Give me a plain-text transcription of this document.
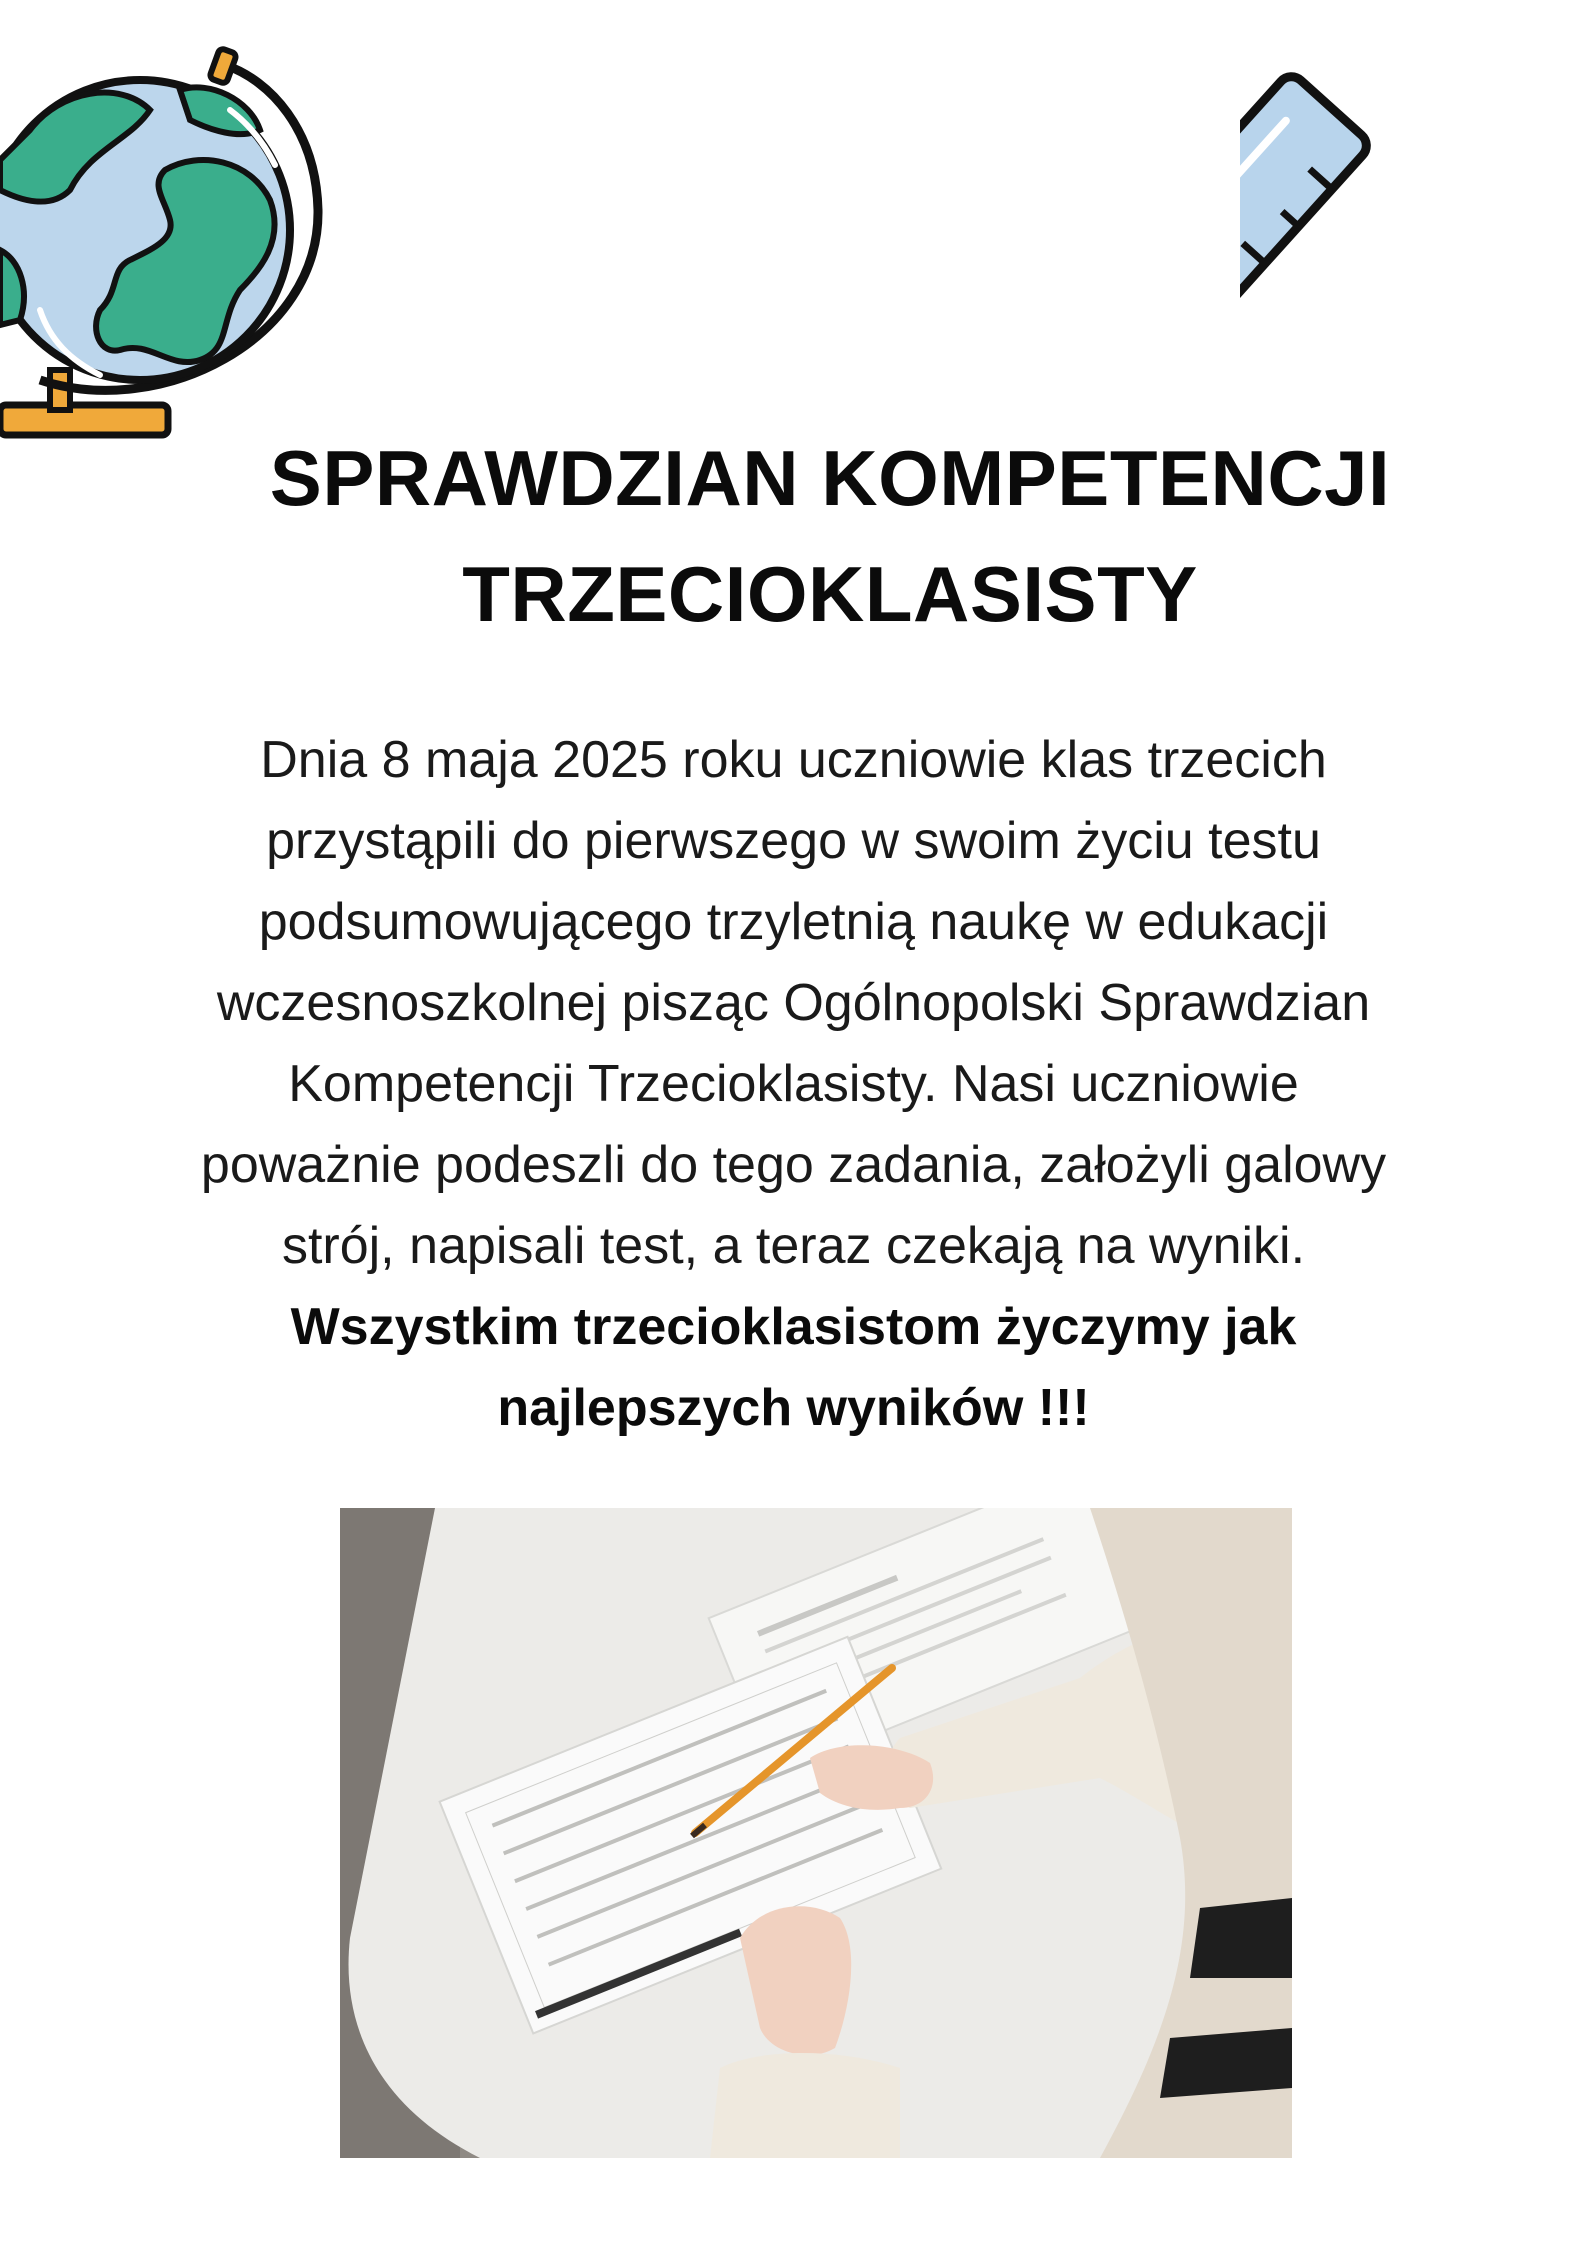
SPRAWDZIAN KOMPETENCJI
TRZECIOKLASISTY
Dnia 8 maja 2025 roku uczniowie klas trzecich
przystąpili do pierwszego w swoim życiu testu
podsumowującego trzyletnią naukę w edukacji
wczesnoszkolnej pisząc Ogólnopolski Sprawdzian
Kompetencji Trzecioklasisty. Nasi uczniowie
poważnie podeszli do tego zadania, założyli galowy
strój, napisali test, a teraz czekają na wyniki.
Wszystkim trzecioklasistom życzymy jak
najlepszych wyników !!!
